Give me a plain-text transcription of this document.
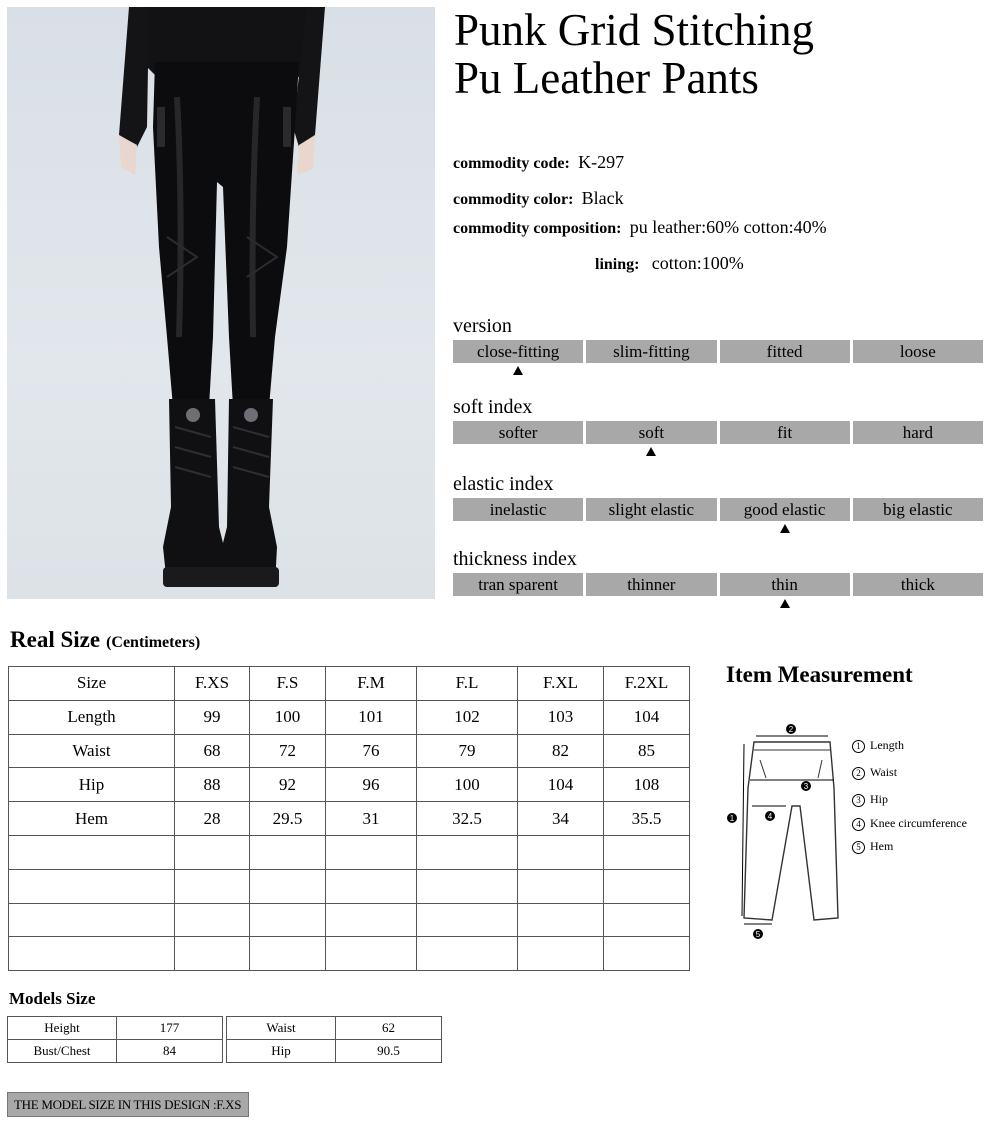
Punk Grid Stitching
Pu Leather Pants
commodity code: K-297
commodity color: Black
commodity composition: pu leather:60% cotton:40%
lining: cotton:100%
version
close-fitting	slim-fitting	fitted	loose
soft index
softer	soft	fit	hard
elastic index
inelastic	slight elastic	good elastic	big elastic
thickness index
tran sparent	thinner	thin	thick
Real Size (Centimeters)
Size	F.XS	F.S	F.M	F.L	F.XL	F.2XL
Length	99	100	101	102	103	104
Waist	68	72	76	79	82	85
Hip	88	92	96	100	104	108
Hem	28	29.5	31	32.5	34	35.5

Item Measurement
2
3
4
1
5
1 Length
2 Waist
3 Hip
4 Knee circumference
5 Hem
Models Size
Height	177
Bust/Chest	84
Waist	62
Hip	90.5
THE MODEL SIZE IN THIS DESIGN :F.XS
